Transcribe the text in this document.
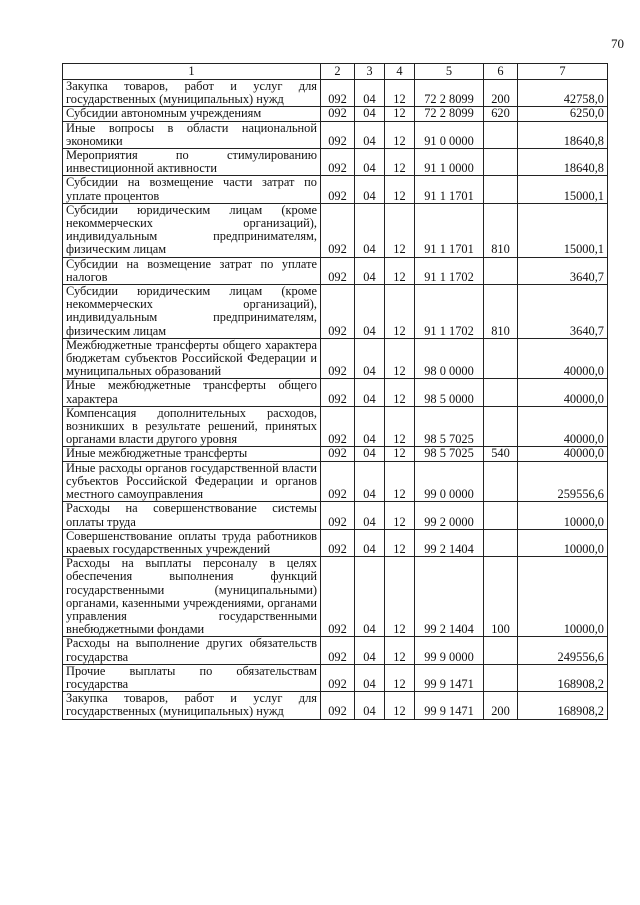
70
1	2	3	4	5	6	7
Закупка товаров, работ и услуг для государственных (муниципальных) нужд	092	04	12	72 2 8099	200	42758,0
Субсидии автономным учреждениям	092	04	12	72 2 8099	620	6250,0
Иные вопросы в области национальной экономики	092	04	12	91 0 0000		18640,8
Мероприятия по стимулированию инвестиционной активности	092	04	12	91 1 0000		18640,8
Субсидии на возмещение части затрат по уплате процентов	092	04	12	91 1 1701		15000,1
Субсидии юридическим лицам (кроме некоммерческих организаций), индивидуальным предпринимателям, физическим лицам	092	04	12	91 1 1701	810	15000,1
Субсидии на возмещение затрат по уплате налогов	092	04	12	91 1 1702		3640,7
Субсидии юридическим лицам (кроме некоммерческих организаций), индивидуальным предпринимателям, физическим лицам	092	04	12	91 1 1702	810	3640,7
Межбюджетные трансферты общего характера бюджетам субъектов Российской Федерации и муниципальных образований	092	04	12	98 0 0000		40000,0
Иные межбюджетные трансферты общего характера	092	04	12	98 5 0000		40000,0
Компенсация дополнительных расходов, возникших в результате решений, принятых органами власти другого уровня	092	04	12	98 5 7025		40000,0
Иные межбюджетные трансферты	092	04	12	98 5 7025	540	40000,0
Иные расходы органов государственной власти субъектов Российской Федерации и органов местного самоуправления	092	04	12	99 0 0000		259556,6
Расходы на совершенствование системы оплаты труда	092	04	12	99 2 0000		10000,0
Совершенствование оплаты труда работников краевых государственных учреждений	092	04	12	99 2 1404		10000,0
Расходы на выплаты персоналу в целях обеспечения выполнения функций государственными (муниципальными) органами, казенными учреждениями, органами управления государственными внебюджетными фондами	092	04	12	99 2 1404	100	10000,0
Расходы на выполнение других обязательств государства	092	04	12	99 9 0000		249556,6
Прочие выплаты по обязательствам государства	092	04	12	99 9 1471		168908,2
Закупка товаров, работ и услуг для государственных (муниципальных) нужд	092	04	12	99 9 1471	200	168908,2
